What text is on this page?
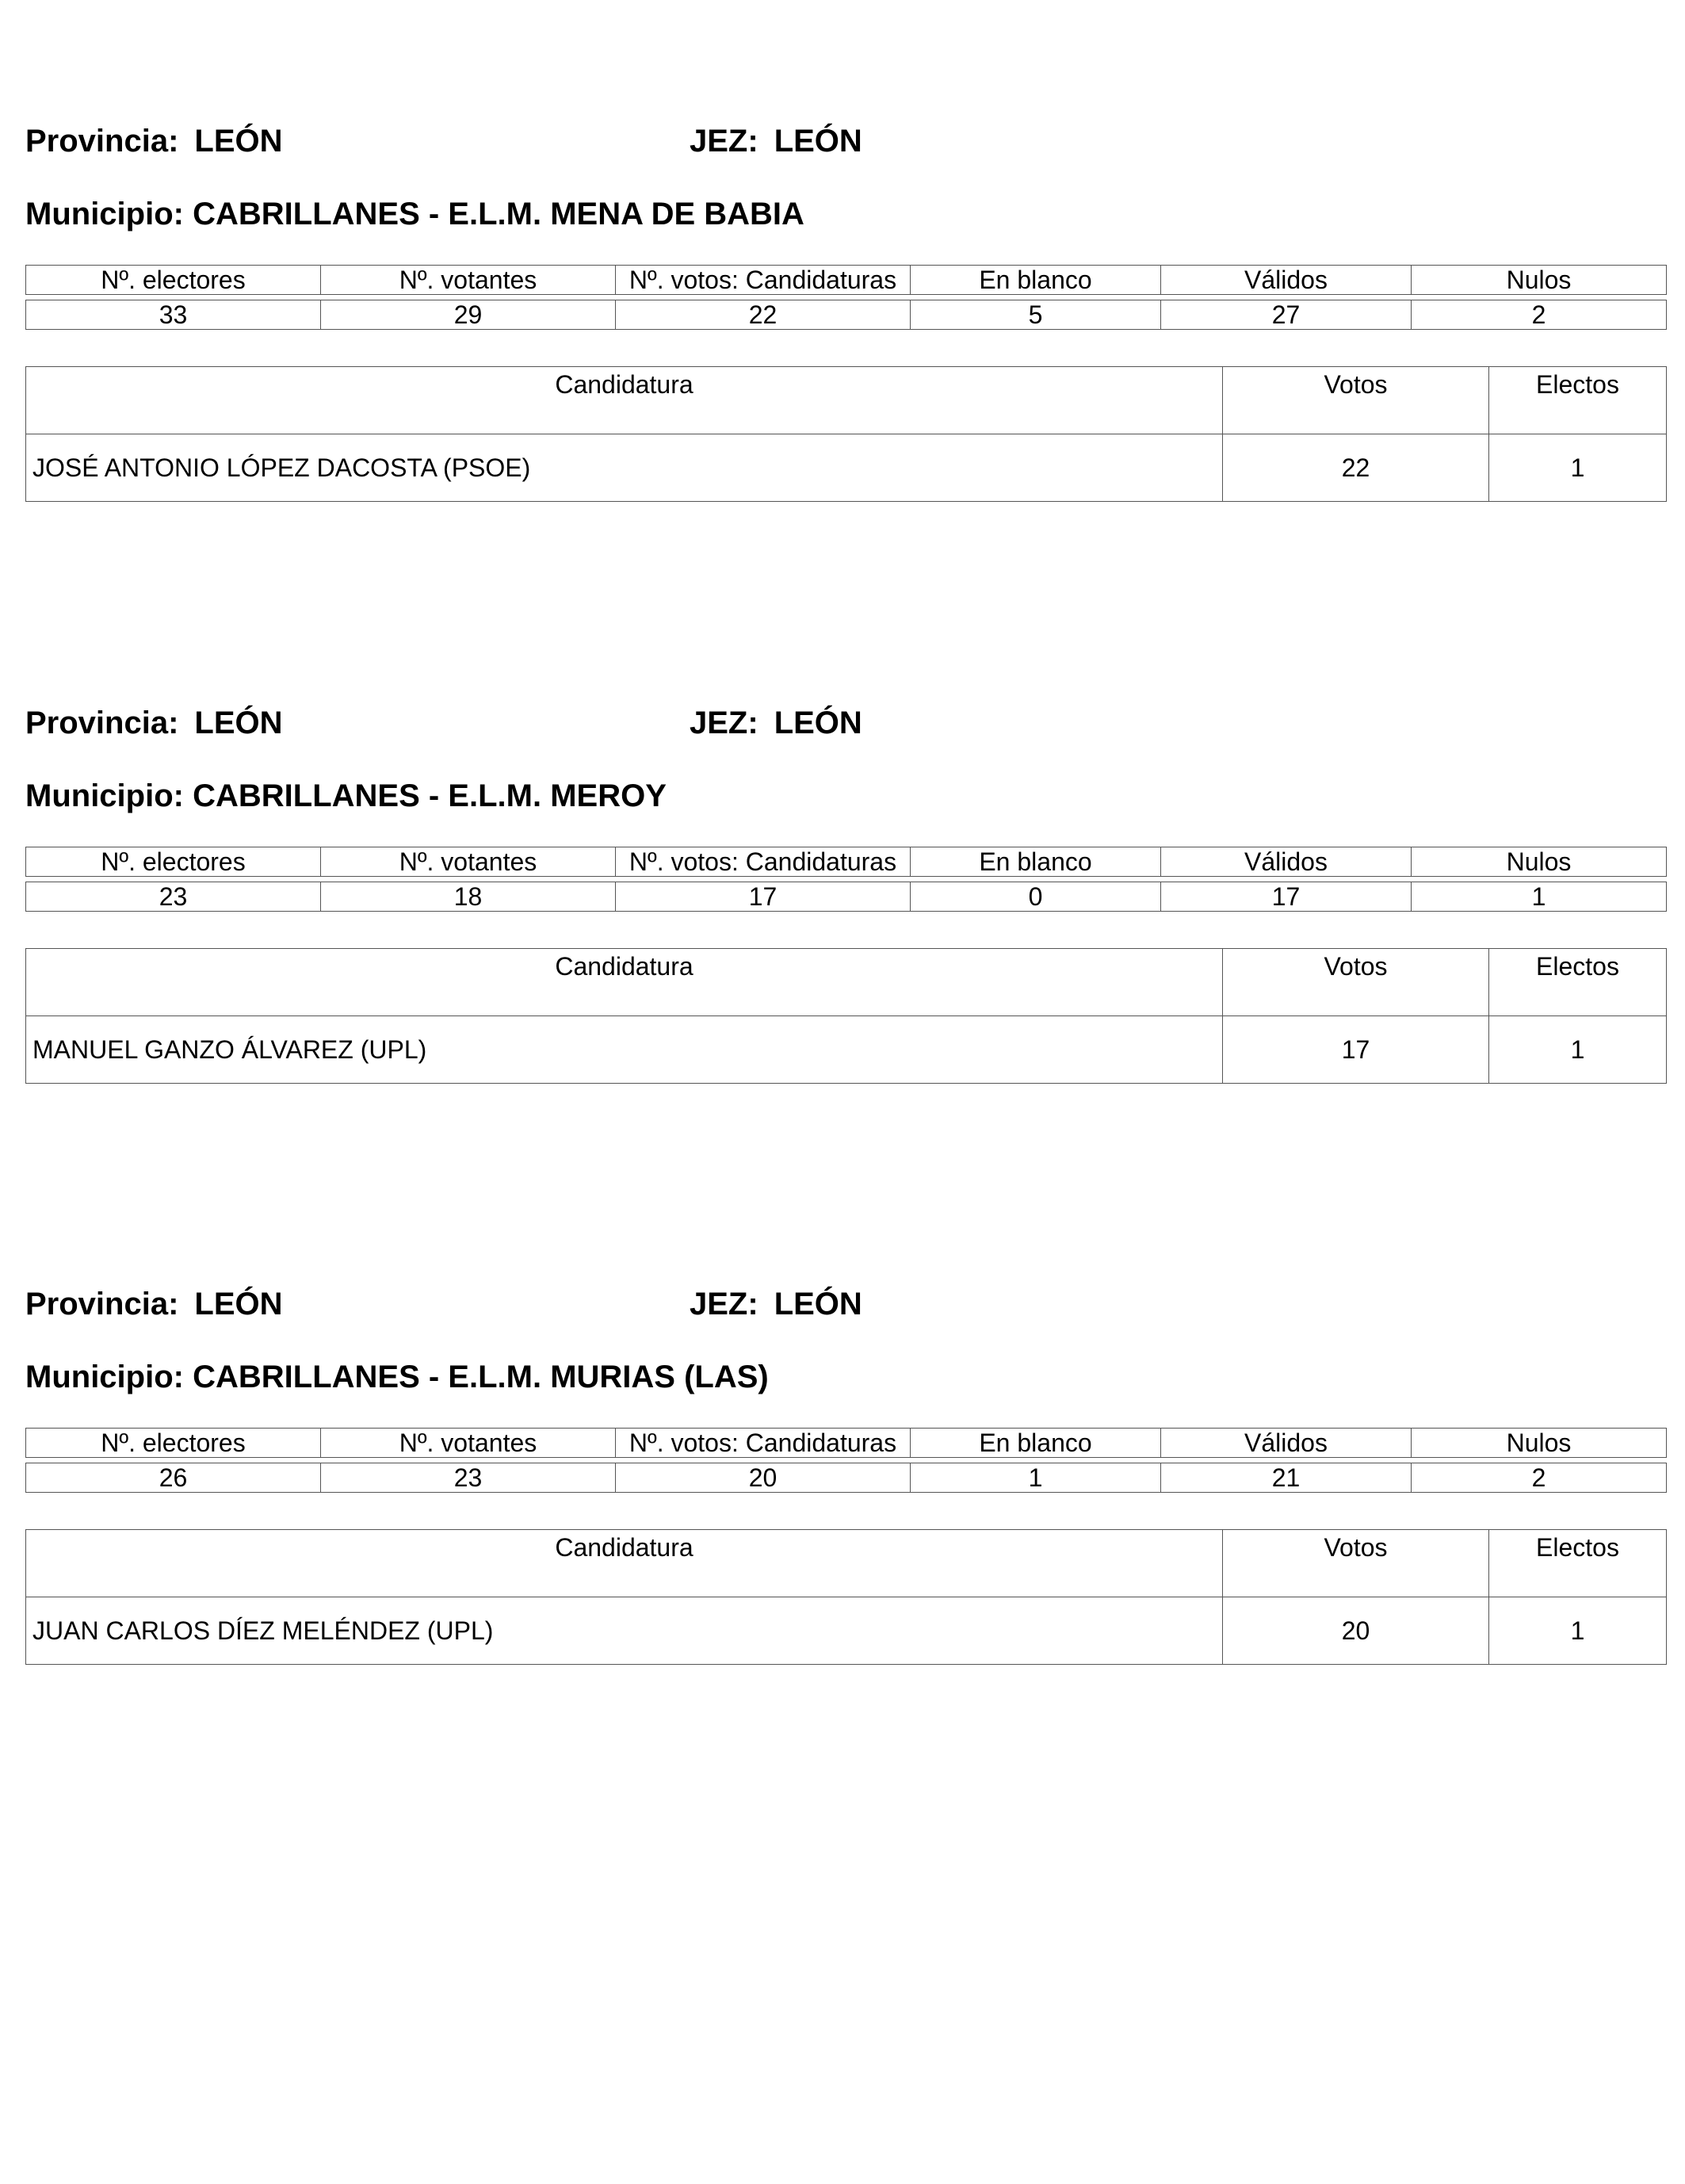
Provincia: LEÓN	JEZ: LEÓN
Municipio: CABRILLANES - E.L.M. MENA DE BABIA
Nº. electores	Nº. votantes	Nº. votos: Candidaturas	En blanco	Válidos	Nulos

33	29	22	5	27	2
Candidatura	Votos	Electos
JOSÉ ANTONIO LÓPEZ DACOSTA (PSOE)	22	1
Provincia: LEÓN	JEZ: LEÓN
Municipio: CABRILLANES - E.L.M. MEROY
Nº. electores	Nº. votantes	Nº. votos: Candidaturas	En blanco	Válidos	Nulos

23	18	17	0	17	1
Candidatura	Votos	Electos
MANUEL GANZO ÁLVAREZ (UPL)	17	1
Provincia: LEÓN	JEZ: LEÓN
Municipio: CABRILLANES - E.L.M. MURIAS (LAS)
Nº. electores	Nº. votantes	Nº. votos: Candidaturas	En blanco	Válidos	Nulos

26	23	20	1	21	2
Candidatura	Votos	Electos
JUAN CARLOS DÍEZ MELÉNDEZ (UPL)	20	1
